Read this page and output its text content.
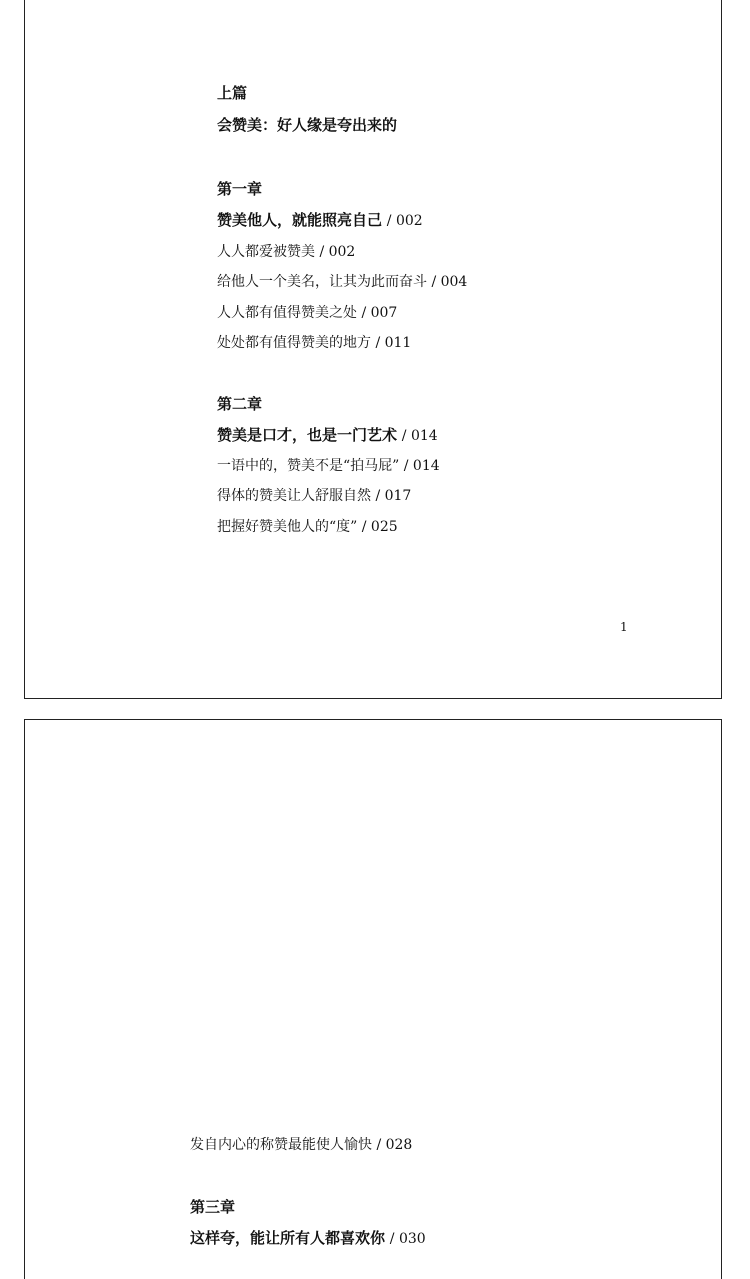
上篇
会赞美：好人缘是夸出来的
第一章
赞美他人，就能照亮自己 / 002
人人都爱被赞美 / 002
给他人一个美名，让其为此而奋斗 / 004
人人都有值得赞美之处 / 007
处处都有值得赞美的地方 / 011
第二章
赞美是口才，也是一门艺术 / 014
一语中的，赞美不是“拍马屁” / 014
得体的赞美让人舒服自然 / 017
把握好赞美他人的“度” / 025
1
发自内心的称赞最能使人愉快 / 028
第三章
这样夸，能让所有人都喜欢你 / 030
